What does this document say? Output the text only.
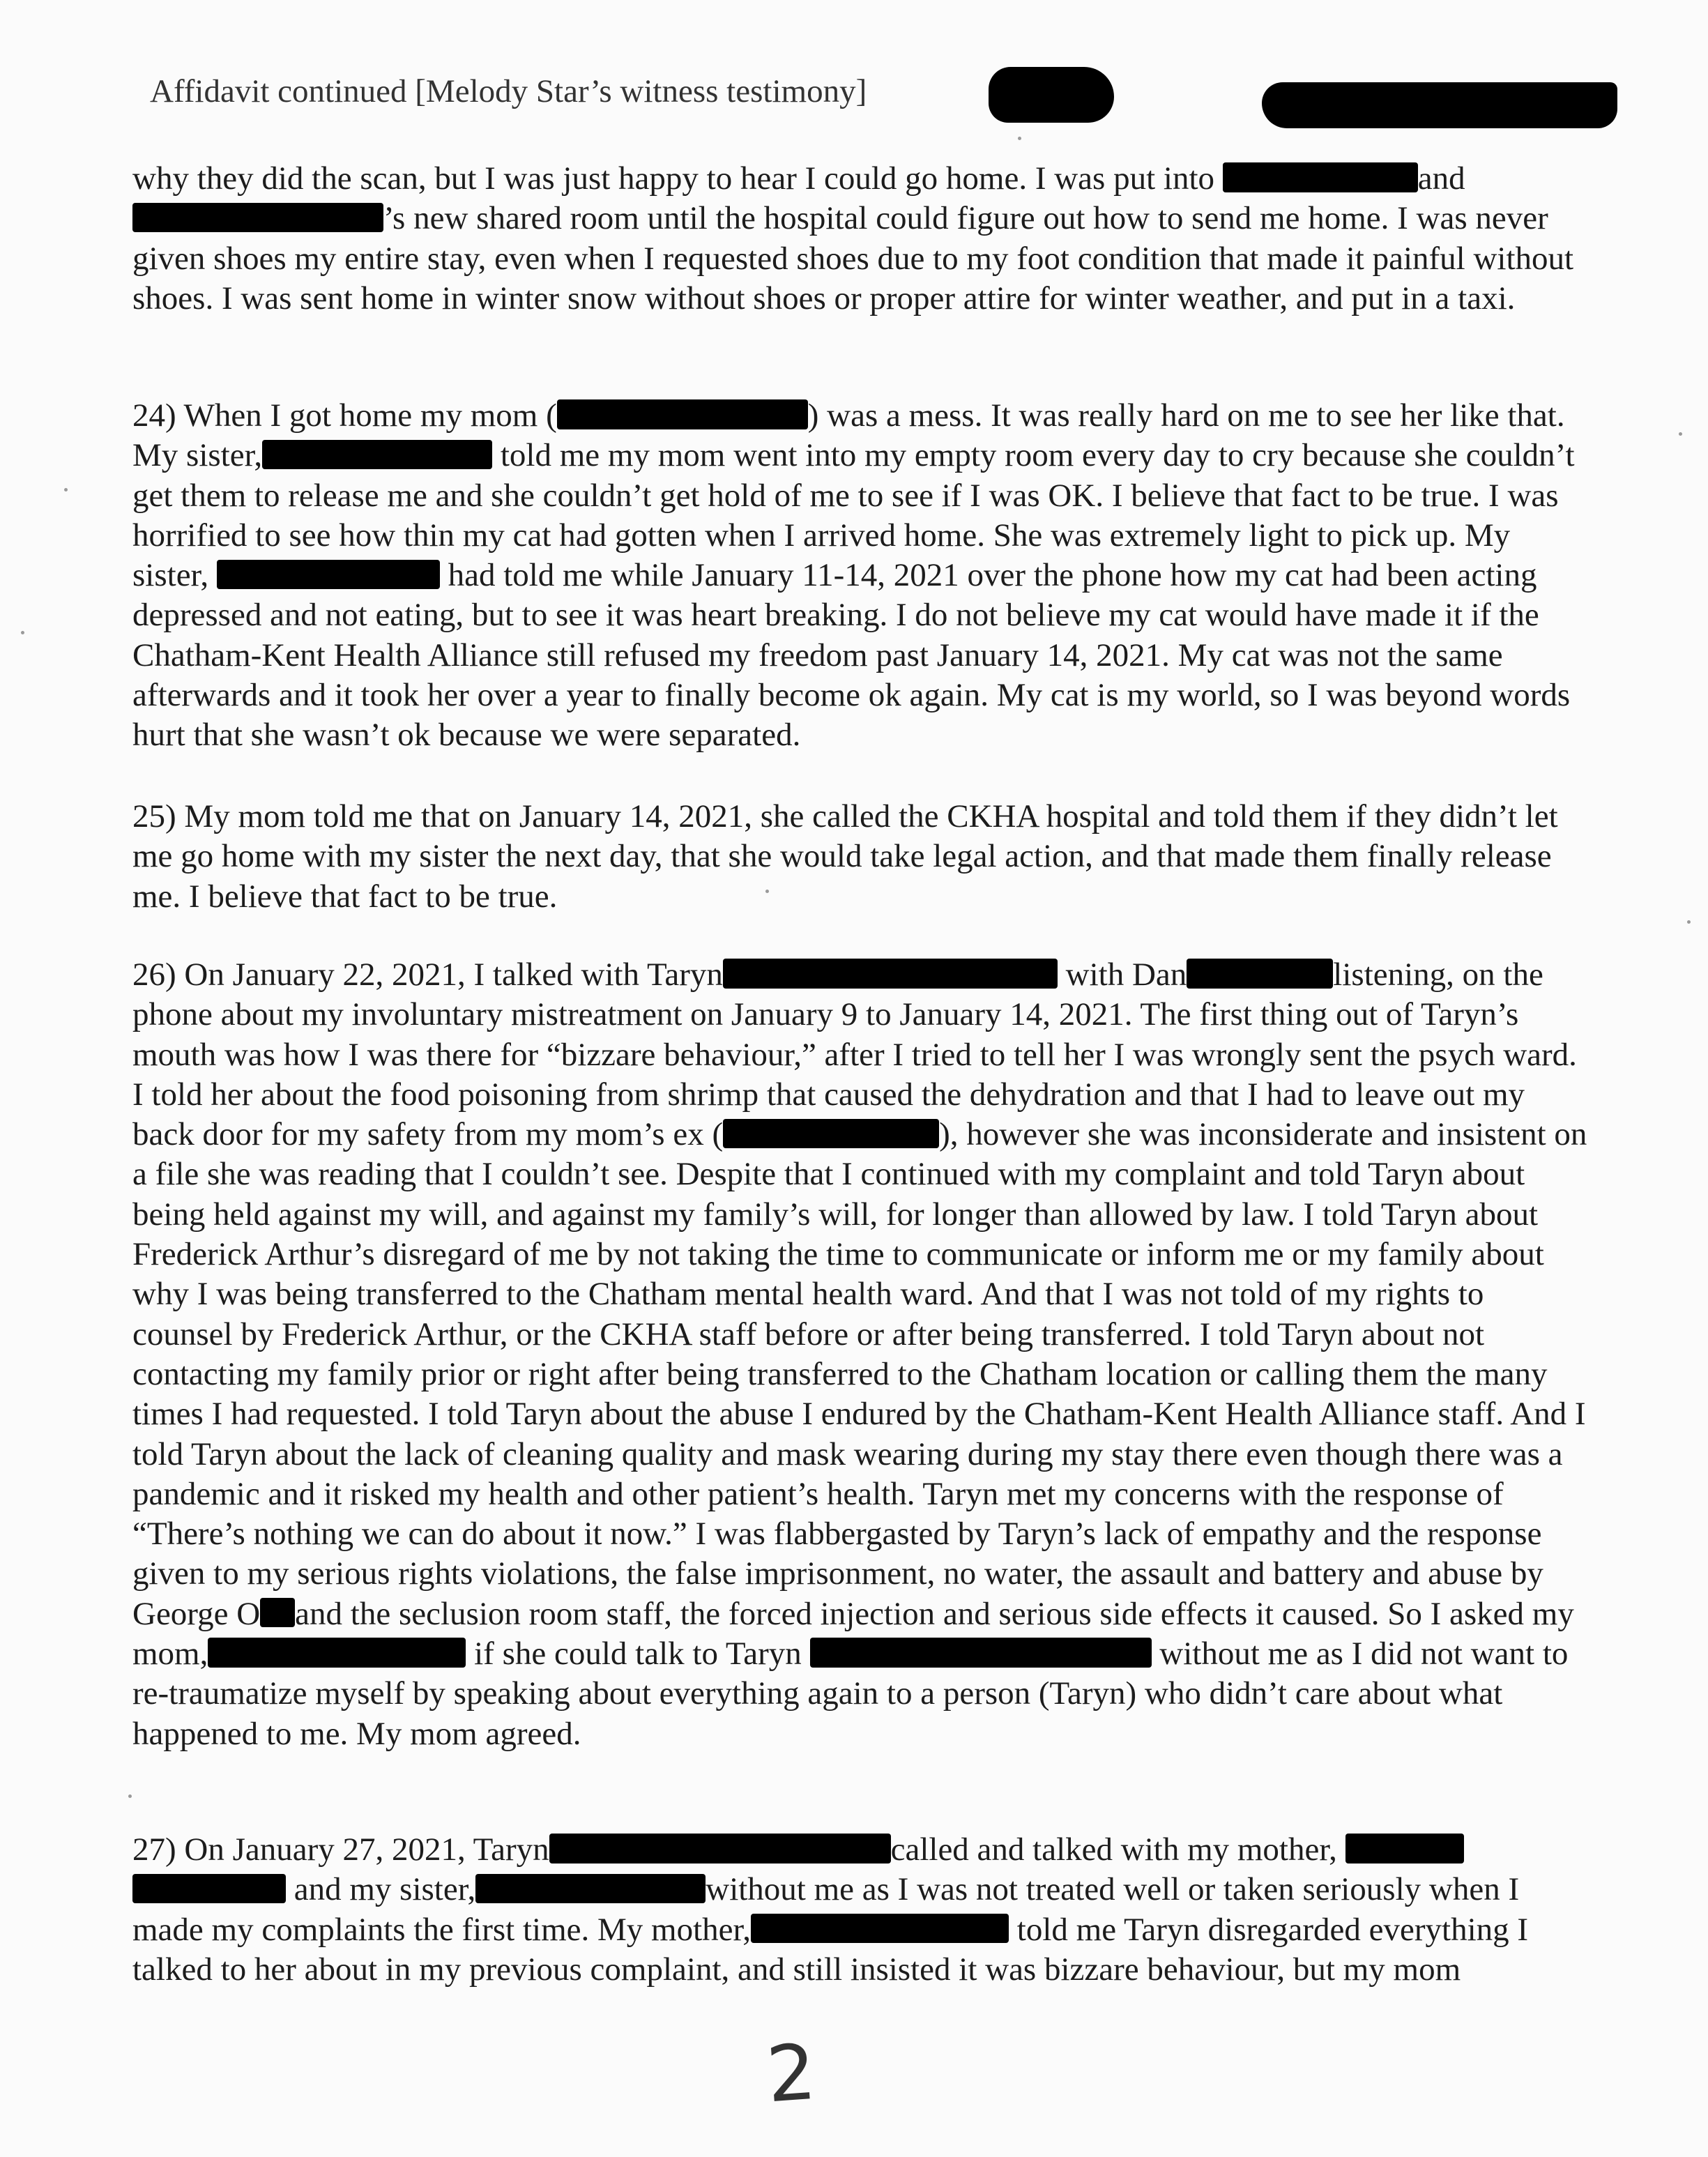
Affidavit continued [Melody Star’s witness testimony]

why they did the scan, but I was just happy to hear I could go home. I was put into	and ’s new shared room until the hospital could figure out how to send me home. I was never given shoes my entire stay, even when I requested shoes due to my foot condition that made it painful without shoes. I was sent home in winter snow without shoes or proper attire for winter weather, and put in a taxi.

24) When I got home my mom (	) was a mess. It was really hard on me to see her like that. My sister,	told me my mom went into my empty room every day to cry because she couldn’t get them to release me and she couldn’t get hold of me to see if I was OK. I believe that fact to be true. I was horrified to see how thin my cat had gotten when I arrived home. She was extremely light to pick up. My sister,	had told me while January 11-14, 2021 over the phone how my cat had been acting depressed and not eating, but to see it was heart breaking. I do not believe my cat would have made it if the Chatham-Kent Health Alliance still refused my freedom past January 14, 2021. My cat was not the same afterwards and it took her over a year to finally become ok again. My cat is my world, so I was beyond words hurt that she wasn’t ok because we were separated.

25) My mom told me that on January 14, 2021, she called the CKHA hospital and told them if they didn’t let me go home with my sister the next day, that she would take legal action, and that made them finally release me. I believe that fact to be true.

26) On January 22, 2021, I talked with Taryn	with Dan	listening, on the phone about my involuntary mistreatment on January 9 to January 14, 2021. The first thing out of Taryn’s mouth was how I was there for “bizzare behaviour,” after I tried to tell her I was wrongly sent the psych ward. I told her about the food poisoning from shrimp that caused the dehydration and that I had to leave out my back door for my safety from my mom’s ex (	), however she was inconsiderate and insistent on a file she was reading that I couldn’t see. Despite that I continued with my complaint and told Taryn about being held against my will, and against my family’s will, for longer than allowed by law. I told Taryn about Frederick Arthur’s disregard of me by not taking the time to communicate or inform me or my family about why I was being transferred to the Chatham mental health ward. And that I was not told of my rights to counsel by Frederick Arthur, or the CKHA staff before or after being transferred. I told Taryn about not contacting my family prior or right after being transferred to the Chatham location or calling them the many times I had requested. I told Taryn about the abuse I endured by the Chatham-Kent Health Alliance staff. And I told Taryn about the lack of cleaning quality and mask wearing during my stay there even though there was a pandemic and it risked my health and other patient’s health. Taryn met my concerns with the response of “There’s nothing we can do about it now.” I was flabbergasted by Taryn’s lack of empathy and the response given to my serious rights violations, the false imprisonment, no water, the assault and battery and abuse by George O and the seclusion room staff, the forced injection and serious side effects it caused. So I asked my mom,	if she could talk to Taryn	without me as I did not want to re-traumatize myself by speaking about everything again to a person (Taryn) who didn’t care about what happened to me. My mom agreed.

27) On January 27, 2021, Taryn	called and talked with my mother,   and my sister,	without me as I was not treated well or taken seriously when I made my complaints the first time. My mother,	told me Taryn disregarded everything I talked to her about in my previous complaint, and still insisted it was bizzare behaviour, but my mom

2
